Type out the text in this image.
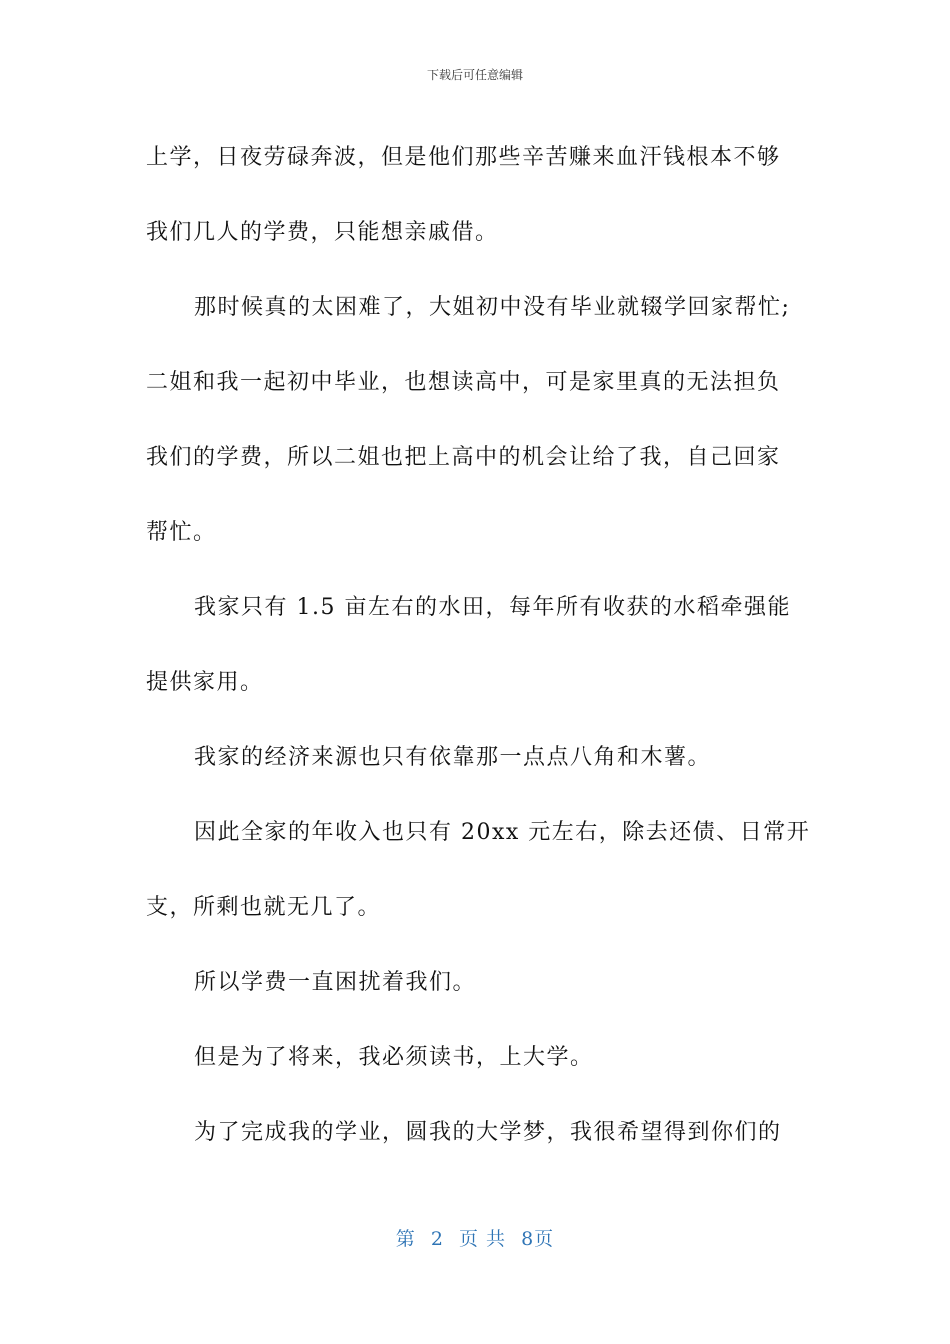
下载后可任意编辑

上学，日夜劳碌奔波，但是他们那些辛苦赚来血汗钱根本不够

我们几人的学费，只能想亲戚借。

那时候真的太困难了，大姐初中没有毕业就辍学回家帮忙;

二姐和我一起初中毕业，也想读高中，可是家里真的无法担负

我们的学费，所以二姐也把上高中的机会让给了我，自己回家

帮忙。

我家只有 1.5 亩左右的水田，每年所有收获的水稻牵强能

提供家用。

我家的经济来源也只有依靠那一点点八角和木薯。

因此全家的年收入也只有 20xx 元左右，除去还债、日常开

支，所剩也就无几了。

所以学费一直困扰着我们。

但是为了将来，我必须读书，上大学。

为了完成我的学业，圆我的大学梦，我很希望得到你们的

第 2 页 共 8页
